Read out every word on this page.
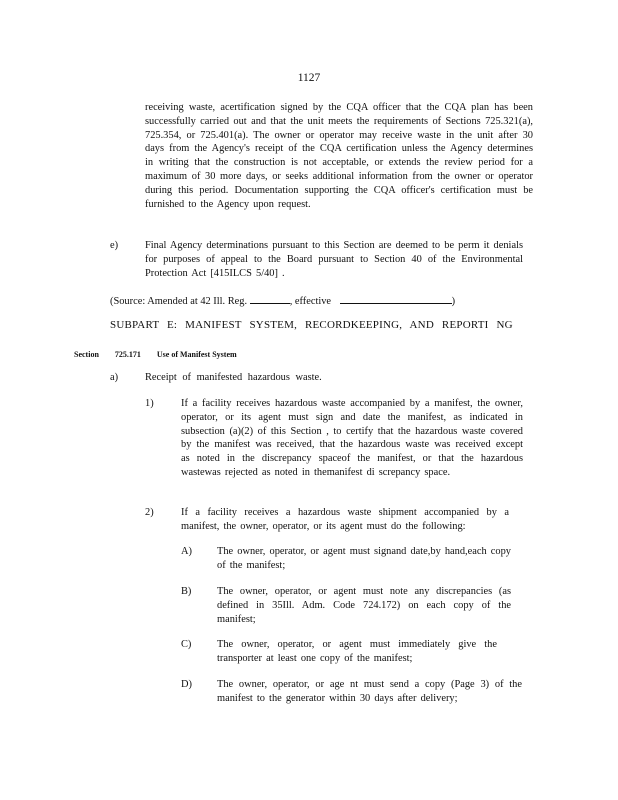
1127
receiving waste, acertification signed by the CQA officer that the CQA plan has been successfully carried out and that the unit meets the requirements of Sections 725.321(a), 725.354, or 725.401(a). The owner or operator may receive waste in the unit after 30 days from the Agency's receipt of the CQA certification unless the Agency determines in writing that the construction is not acceptable, or extends the review period for a maximum of 30 more days, or seeks additional information from the owner or operator during this period. Documentation supporting the CQA officer's certification must be furnished to the Agency upon request.
e)	Final Agency determinations pursuant to this Section are deemed to be perm it denials for purposes of appeal to the Board pursuant to Section 40 of the Environmental Protection Act [415ILCS 5/40] .
(Source: Amended at 42 Ill. Reg.	, effective	)
SUBPART E: MANIFEST SYSTEM, RECORDKEEPING, AND REPORTI NG
Section 725.171 Use of Manifest System
a)	Receipt of manifested hazardous waste.
1)	If a facility receives hazardous waste accompanied by a manifest, the owner, operator, or its agent must sign and date the manifest, as indicated in subsection (a)(2) of this Section , to certify that the hazardous waste covered by the manifest was received, that the hazardous waste was received except as noted in the discrepancy spaceof the manifest, or that the hazardous wastewas rejected as noted in themanifest di screpancy space.
2)	If a facility receives a hazardous waste shipment accompanied by a manifest, the owner, operator, or its agent must do the following:
A) The owner, operator, or agent must signand date,by hand,each copy of the manifest;
B) The owner, operator, or agent must note any discrepancies (as defined in 35Ill. Adm. Code 724.172) on each copy of the manifest;
C) The owner, operator, or agent must immediately give the transporter at least one copy of the manifest;
D) The owner, operator, or age nt must send a copy (Page 3) of the manifest to the generator within 30 days after delivery;
